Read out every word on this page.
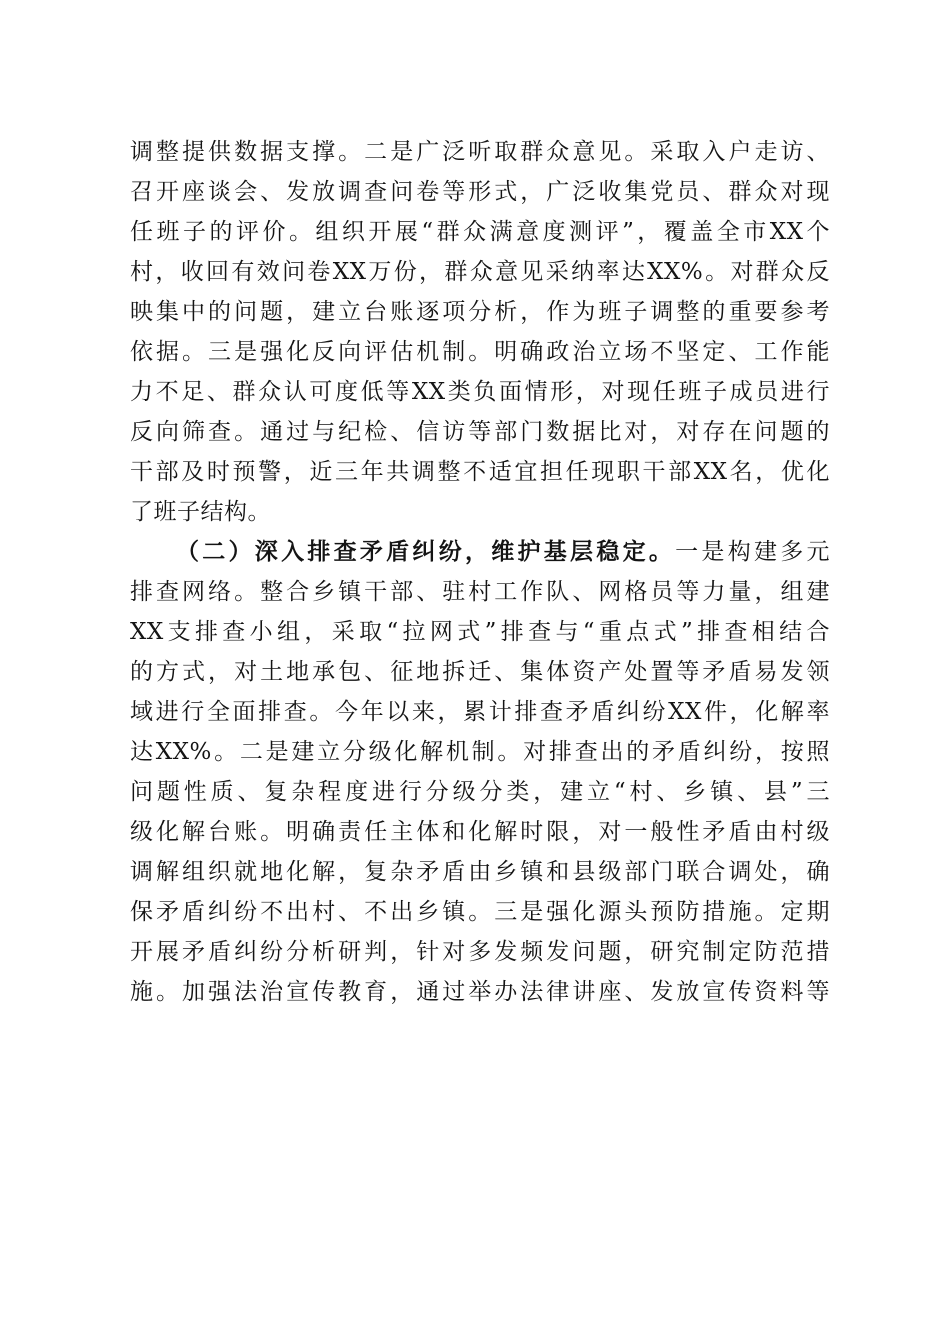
调整提供数据支撑。二是广泛听取群众意见。采取入户走访、
召开座谈会、发放调查问卷等形式，广泛收集党员、群众对现
任班子的评价。组织开展“群众满意度测评”，覆盖全市XX个
村，收回有效问卷XX万份，群众意见采纳率达XX%。对群众反
映集中的问题，建立台账逐项分析，作为班子调整的重要参考
依据。三是强化反向评估机制。明确政治立场不坚定、工作能
力不足、群众认可度低等XX类负面情形，对现任班子成员进行
反向筛查。通过与纪检、信访等部门数据比对，对存在问题的
干部及时预警，近三年共调整不适宜担任现职干部XX名，优化
了班子结构。
（二）深入排查矛盾纠纷，维护基层稳定。一是构建多元
排查网络。整合乡镇干部、驻村工作队、网格员等力量，组建
XX支排查小组，采取“拉网式”排查与“重点式”排查相结合
的方式，对土地承包、征地拆迁、集体资产处置等矛盾易发领
域进行全面排查。今年以来，累计排查矛盾纠纷XX件，化解率
达XX%。二是建立分级化解机制。对排查出的矛盾纠纷，按照
问题性质、复杂程度进行分级分类，建立“村、乡镇、县”三
级化解台账。明确责任主体和化解时限，对一般性矛盾由村级
调解组织就地化解，复杂矛盾由乡镇和县级部门联合调处，确
保矛盾纠纷不出村、不出乡镇。三是强化源头预防措施。定期
开展矛盾纠纷分析研判，针对多发频发问题，研究制定防范措
施。加强法治宣传教育，通过举办法律讲座、发放宣传资料等
